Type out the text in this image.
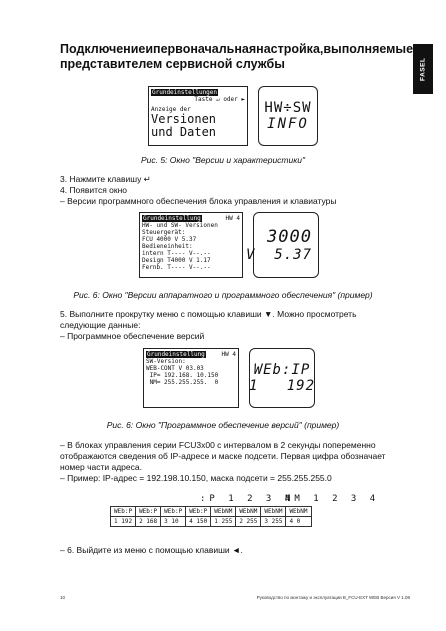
Подключение и первоначальная настройка, выполняемые
представителем сервисной службы	FASEL
Grundeinstellungen
Taste ↵ oder ►
Anzeige der
Versionen
und Daten
HW÷SW
INFO
Рис. 5: Окно "Версии и характеристики"
3. Нажмите клавишу ↵
4. Появится окно
– Версии программного обеспечения блока управления и клавиатуры
Grundeinstellung	HW 4
HW- und SW- Versionen
Steuergerät:
FCU 4000 V 5.37
Bedieneinheit:
intern T---- V--.--
Design T4000 V 1.17
Fernb. T---- V--.--
3000
V  5.37
Рис. 6: Окно "Версии аппаратного и программного обеспечения" (пример)
5. Выполните прокрутку меню с помощью клавиши ▼. Можно просмотреть
следующие данные:
– Программное обеспечение версий
Grundeinstellung	HW 4
SW-Version:
WEB-CONT V 03.03
IP= 192.168. 10.150
NM= 255.255.255.  0
WEb:IP
1   192
Рис. 6: Окно "Программное обеспечение версий" (пример)
– В блоках управления серии FCU3x00 с интервалом в 2 секунды попеременно
отображаются сведения об IP-адресе и маске подсети. Первая цифра обозначает
номер части адреса.
– Пример: IP-адрес = 192.198.10.150, маска подсети = 255.255.255.0
:P 1 2 3 4
NM 1 2 3 4
WEb:P	WEb:P	WEb:P	WEb:P	WEbNM	WEbNM	WEbNM	WEbNM
1 192	2 168	3 10	4 150	1 255	2 255	3 255	4 0
– 6. Выйдите из меню с помощью клавиши ◄.
10	Руководство по монтажу и эксплуатации B_FCU-EXT WEB Версия V 1.08
